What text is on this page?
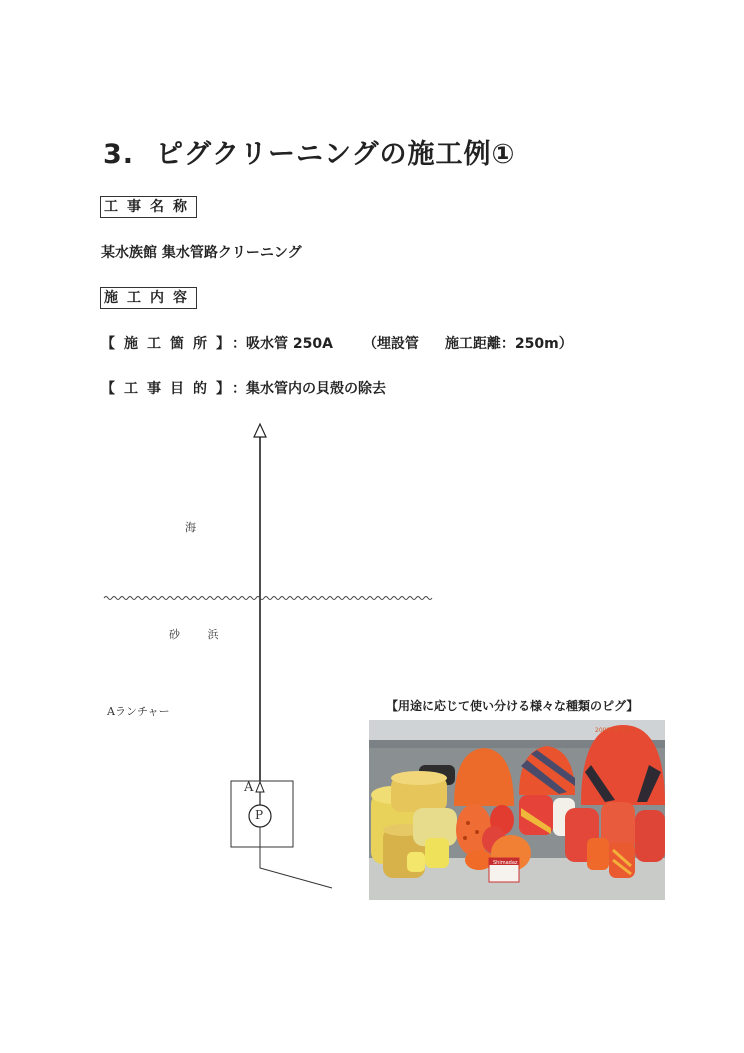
3. ピグクリーニングの施工例①
工事名称
某水族館 集水管路クリーニング
施工内容
【施工箇所】：吸水管 250A （埋設管 施工距離：250m）
【工事目的】：集水管内の貝殻の除去
海
砂 浜
Aランチャー
A
P
【用途に応じて使い分ける様々な種類のピグ】
Shimadaz
2009.10.10
